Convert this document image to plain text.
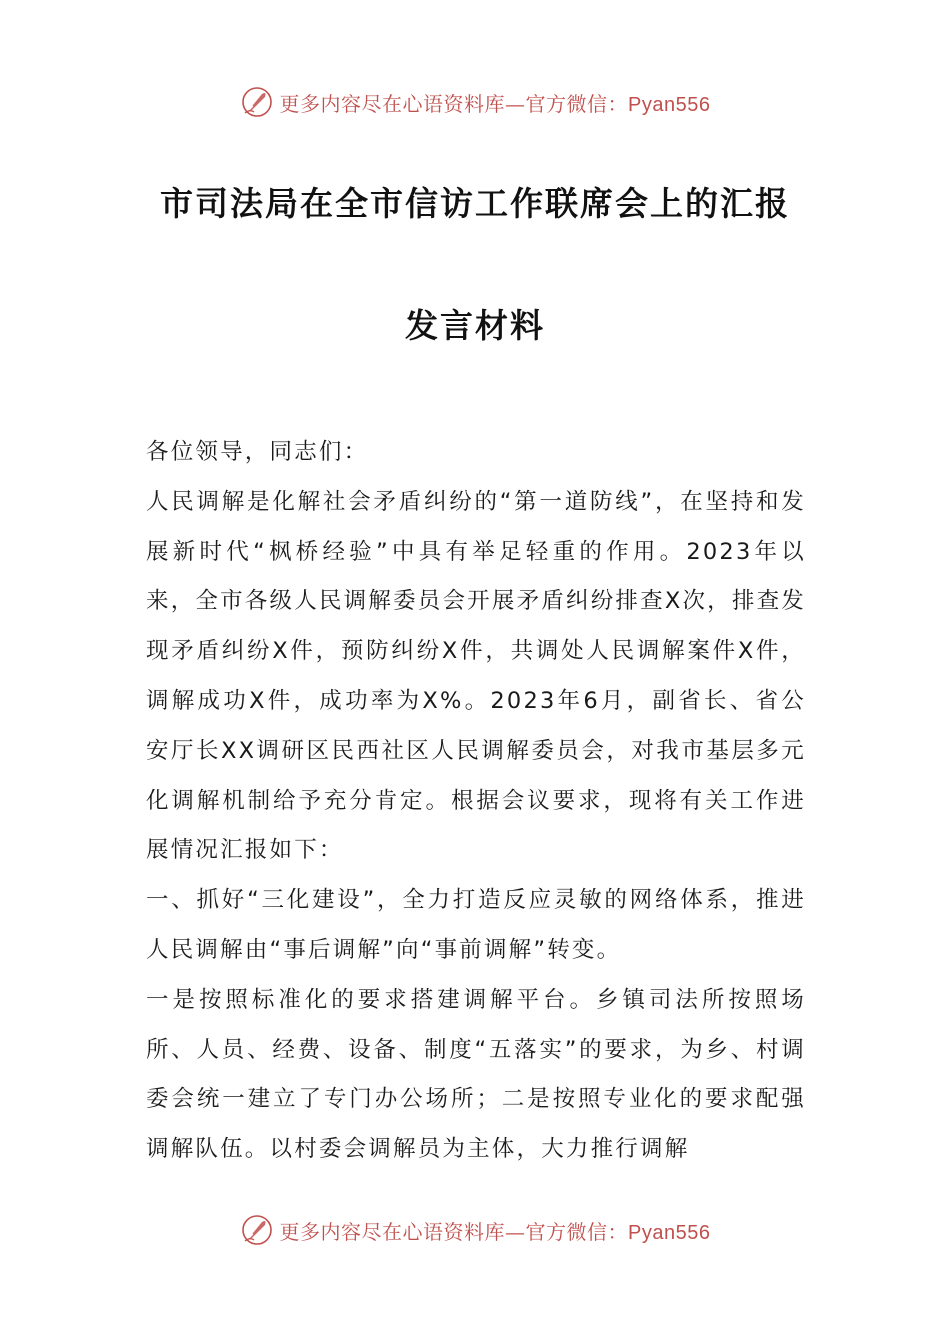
更多内容尽在心语资料库—官方微信：Pyan556
市司法局在全市信访工作联席会上的汇报
发言材料

各位领导，同志们：

人民调解是化解社会矛盾纠纷的“第一道防线”，在坚持和发展新时代“枫桥经验”中具有举足轻重的作用。2023年以来，全市各级人民调解委员会开展矛盾纠纷排查X次，排查发现矛盾纠纷X件，预防纠纷X件，共调处人民调解案件X件，调解成功X件，成功率为X%。2023年6月，副省长、省公安厅长XX调研区民西社区人民调解委员会，对我市基层多元化调解机制给予充分肯定。根据会议要求，现将有关工作进展情况汇报如下：

一、抓好“三化建设”，全力打造反应灵敏的网络体系，推进人民调解由“事后调解”向“事前调解”转变。

一是按照标准化的要求搭建调解平台。乡镇司法所按照场所、人员、经费、设备、制度“五落实”的要求，为乡、村调委会统一建立了专门办公场所；二是按照专业化的要求配强调解队伍。以村委会调解员为主体，大力推行调解

更多内容尽在心语资料库—官方微信：Pyan556
